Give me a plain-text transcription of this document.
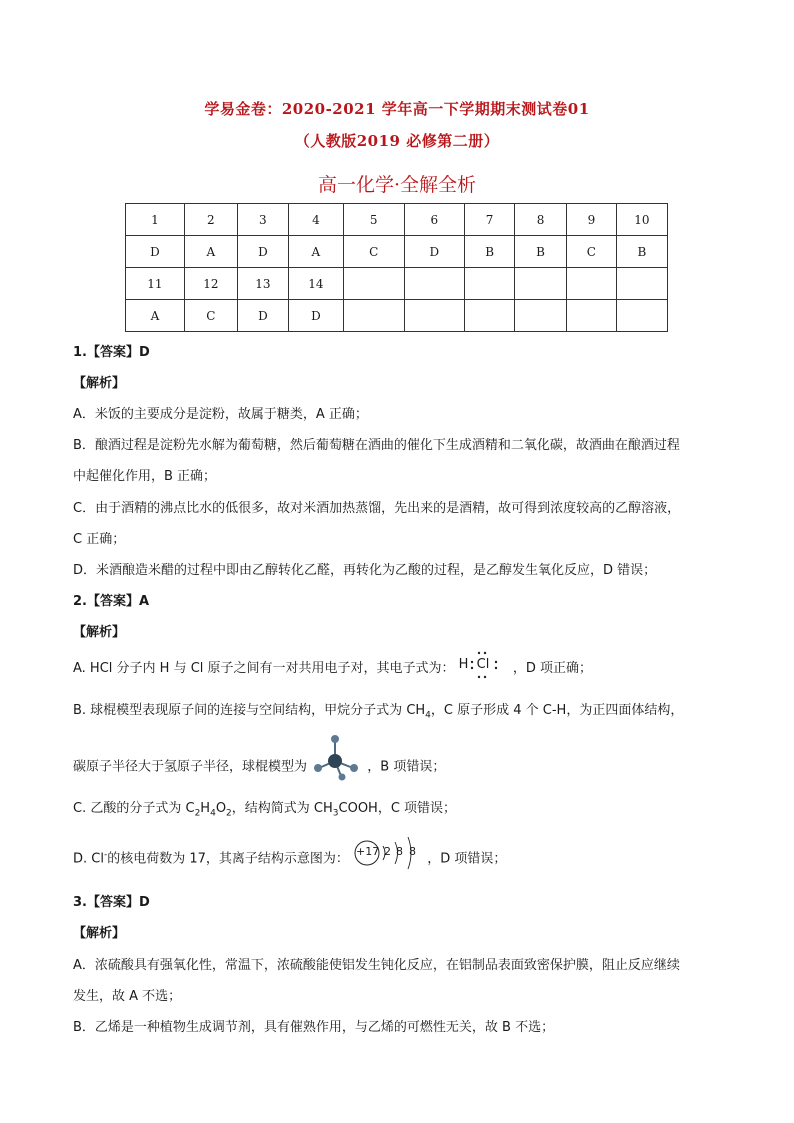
学易金卷：2020-2021 学年高一下学期期末测试卷01
（人教版2019 必修第二册）
高一化学·全解全析
1	2	3	4	5	6	7	8	9	10
D	A	D	A	C	D	B	B	C	B
11	12	13	14						
A	C	D	D						
1.【答案】D
【解析】
A．米饭的主要成分是淀粉，故属于糖类，A 正确；
B．酿酒过程是淀粉先水解为葡萄糖，然后葡萄糖在酒曲的催化下生成酒精和二氧化碳，故酒曲在酿酒过程
中起催化作用，B 正确；
C．由于酒精的沸点比水的低很多，故对米酒加热蒸馏，先出来的是酒精，故可得到浓度较高的乙醇溶液，
C 正确；
D．米酒酿造米醋的过程中即由乙醇转化乙醛，再转化为乙酸的过程，是乙醇发生氧化反应，D 错误；
2.【答案】A
【解析】
A. HCl 分子内 H 与 Cl 原子之间有一对共用电子对，其电子式为： H Cl ，D 项正确；
B. 球棍模型表现原子间的连接与空间结构，甲烷分子式为 $CH_4$，C 原子形成 4 个 C-H，为正四面体结构，
碳原子半径大于氢原子半径，球棍模型为	，B 项错误；
C. 乙酸的分子式为 $C_2H_4O_2$，结构简式为 $CH_3COOH$，C 项错误；
D. Cl-的核电荷数为 17，其离子结构示意图为： +17 2 8 8 ，D 项错误；
3.【答案】D
【解析】
A．浓硫酸具有强氧化性，常温下，浓硫酸能使铝发生钝化反应，在铝制品表面致密保护膜，阻止反应继续
发生，故 A 不选；
B．乙烯是一种植物生成调节剂，具有催熟作用，与乙烯的可燃性无关，故 B 不选；
